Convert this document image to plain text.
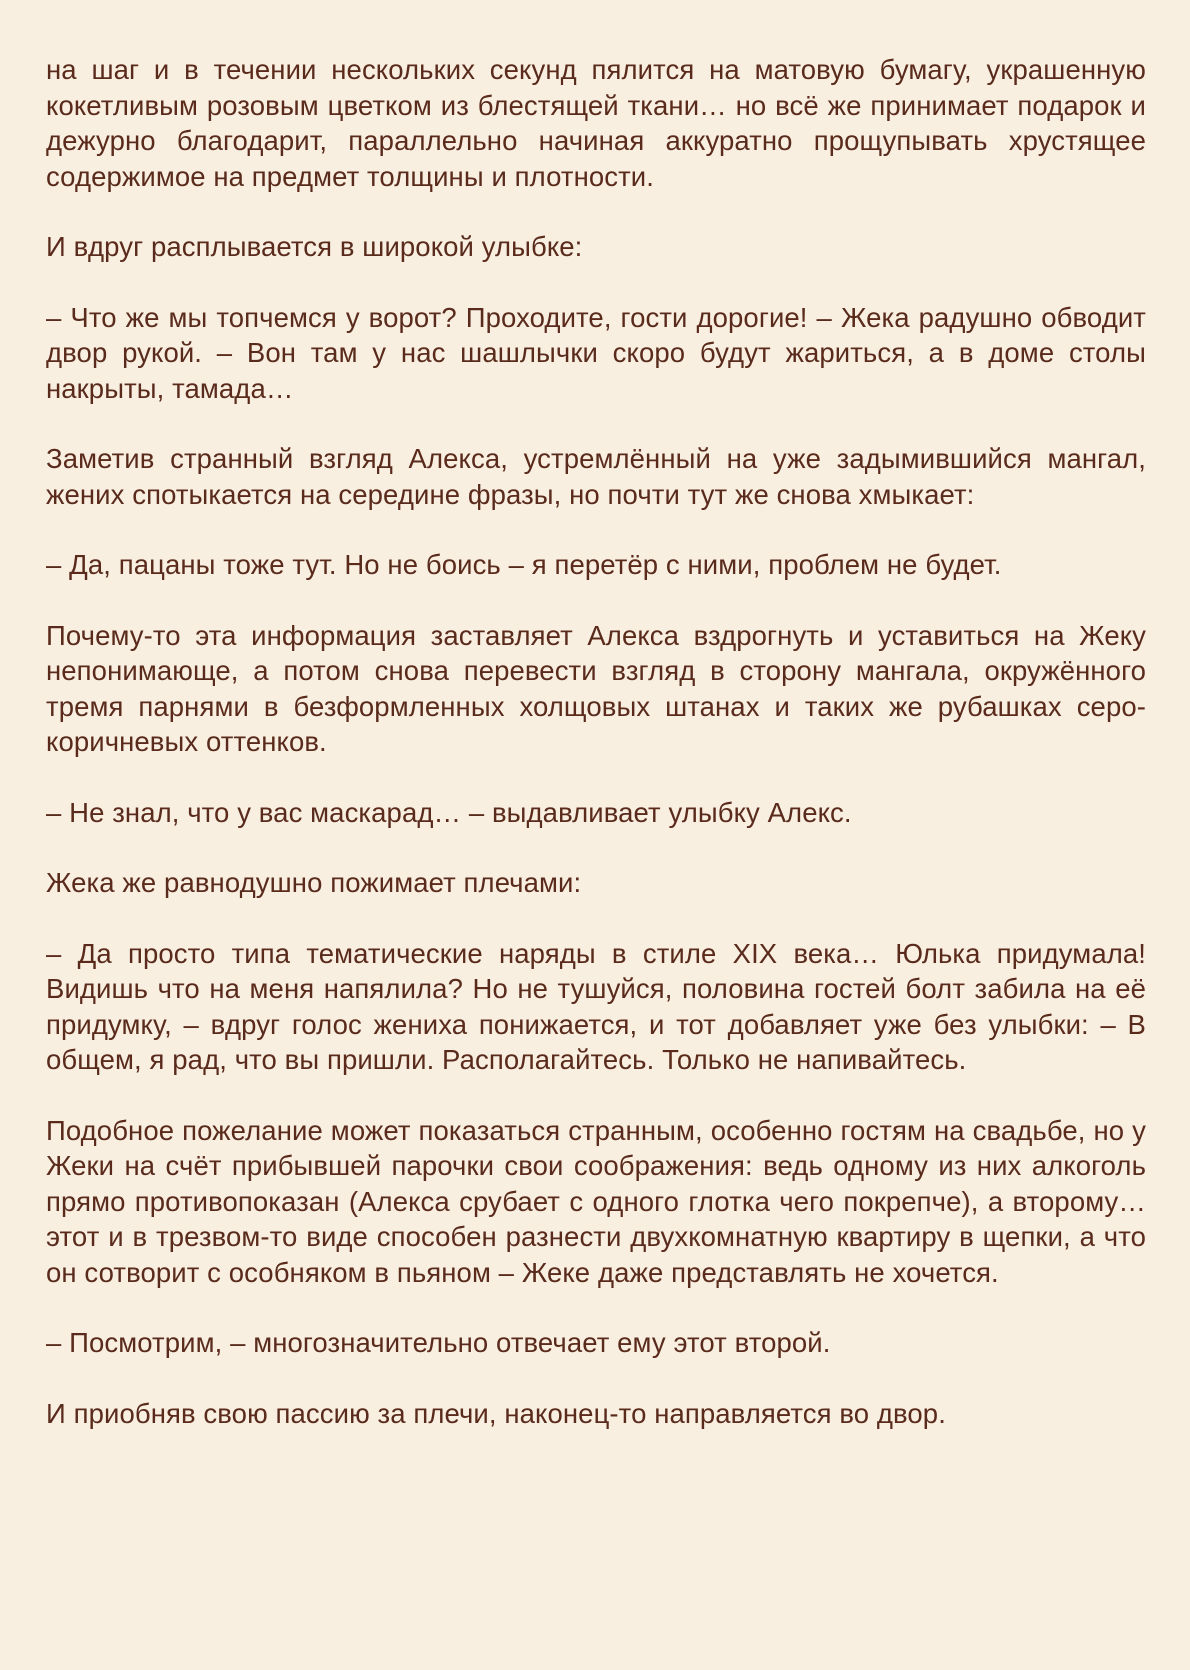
на шаг и в течении нескольких секунд пялится на матовую бумагу, украшенную кокетливым розовым цветком из блестящей ткани… но всё же принимает подарок и дежурно благодарит, параллельно начиная аккуратно прощупывать хрустящее содержимое на предмет толщины и плотности.

И вдруг расплывается в широкой улыбке:

– Что же мы топчемся у ворот? Проходите, гости дорогие! – Жека радушно обводит двор рукой. – Вон там у нас шашлычки скоро будут жариться, а в доме столы накрыты, тамада…

Заметив странный взгляд Алекса, устремлённый на уже задымившийся мангал, жених спотыкается на середине фразы, но почти тут же снова хмыкает:

– Да, пацаны тоже тут. Но не боись – я перетёр с ними, проблем не будет.

Почему-то эта информация заставляет Алекса вздрогнуть и уставиться на Жеку непонимающе, а потом снова перевести взгляд в сторону мангала, окружённого тремя парнями в безформленных холщовых штанах и таких же рубашках серо-коричневых оттенков.

– Не знал, что у вас маскарад… – выдавливает улыбку Алекс.

Жека же равнодушно пожимает плечами:

– Да просто типа тематические наряды в стиле XIX века… Юлька придумала! Видишь что на меня напялила? Но не тушуйся, половина гостей болт забила на её придумку, – вдруг голос жениха понижается, и тот добавляет уже без улыбки: – В общем, я рад, что вы пришли. Располагайтесь. Только не напивайтесь.

Подобное пожелание может показаться странным, особенно гостям на свадьбе, но у Жеки на счёт прибывшей парочки свои соображения: ведь одному из них алкоголь прямо противопоказан (Алекса срубает с одного глотка чего покрепче), а второму… этот и в трезвом-то виде способен разнести двухкомнатную квартиру в щепки, а что он сотворит с особняком в пьяном – Жеке даже представлять не хочется.

– Посмотрим, – многозначительно отвечает ему этот второй.

И приобняв свою пассию за плечи, наконец-то направляется во двор.
